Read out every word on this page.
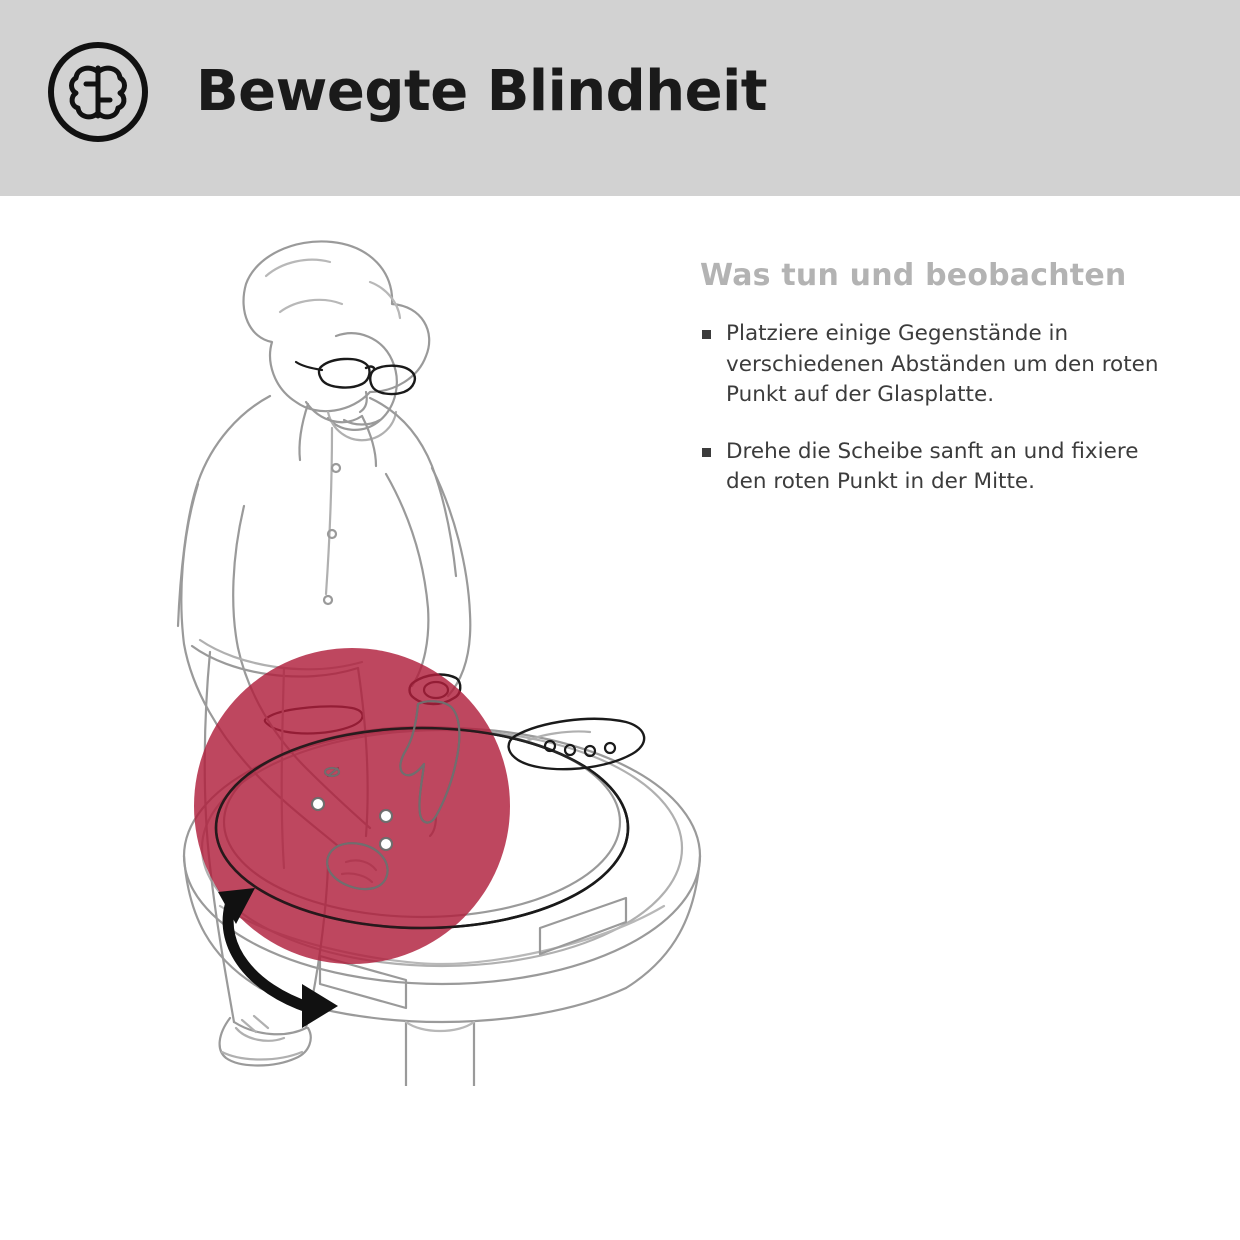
Bewegte Blindheit
Was tun und beobachten
Platziere einige Gegenstände in verschiedenen Abständen um den roten Punkt auf der Glasplatte.
Drehe die Scheibe sanft an und fixiere den roten Punkt in der Mitte.
